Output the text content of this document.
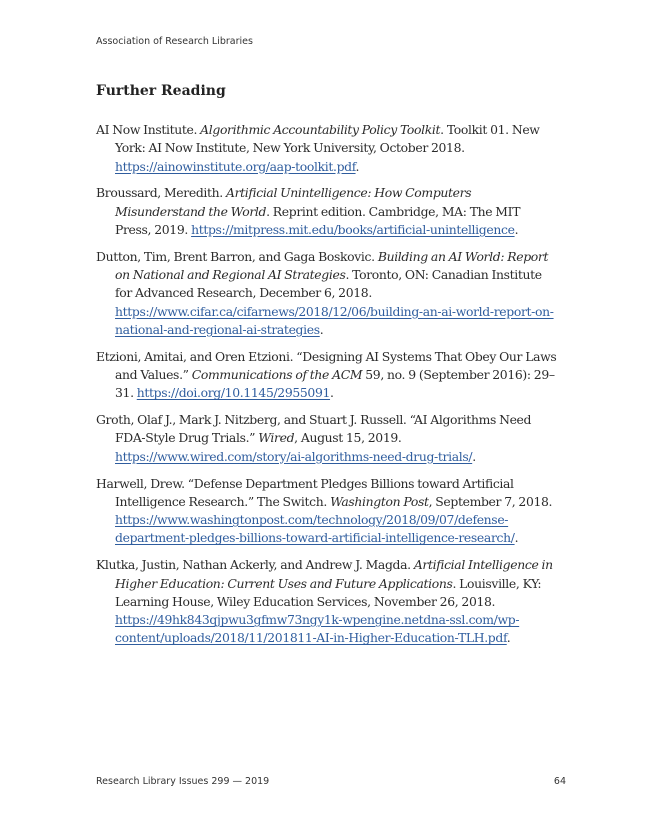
Association of Research Libraries
Further Reading
AI Now Institute. Algorithmic Accountability Policy Toolkit. Toolkit 01. New York: AI Now Institute, New York University, October 2018. https://ainowinstitute.org/aap-toolkit.pdf.
Broussard, Meredith. Artificial Unintelligence: How Computers Misunderstand the World. Reprint edition. Cambridge, MA: The MIT Press, 2019. https://mitpress.mit.edu/books/artificial-unintelligence.
Dutton, Tim, Brent Barron, and Gaga Boskovic. Building an AI World: Report on National and Regional AI Strategies. Toronto, ON: Canadian Institute for Advanced Research, December 6, 2018. https://www.cifar.ca/cifarnews/2018/12/06/building-an-ai-world-report-on-national-and-regional-ai-strategies.
Etzioni, Amitai, and Oren Etzioni. “Designing AI Systems That Obey Our Laws and Values.” Communications of the ACM 59, no. 9 (September 2016): 29–31. https://doi.org/10.1145/2955091.
Groth, Olaf J., Mark J. Nitzberg, and Stuart J. Russell. “AI Algorithms Need FDA-Style Drug Trials.” Wired, August 15, 2019. https://www.wired.com/story/ai-algorithms-need-drug-trials/.
Harwell, Drew. “Defense Department Pledges Billions toward Artificial Intelligence Research.” The Switch. Washington Post, September 7, 2018. https://www.washingtonpost.com/technology/2018/09/07/defense-department-pledges-billions-toward-artificial-intelligence-research/.
Klutka, Justin, Nathan Ackerly, and Andrew J. Magda. Artificial Intelligence in Higher Education: Current Uses and Future Applications. Louisville, KY: Learning House, Wiley Education Services, November 26, 2018. https://49hk843qjpwu3gfmw73ngy1k-wpengine.netdna-ssl.com/wp-content/uploads/2018/11/201811-AI-in-Higher-Education-TLH.pdf.
Research Library Issues 299 — 2019	64
